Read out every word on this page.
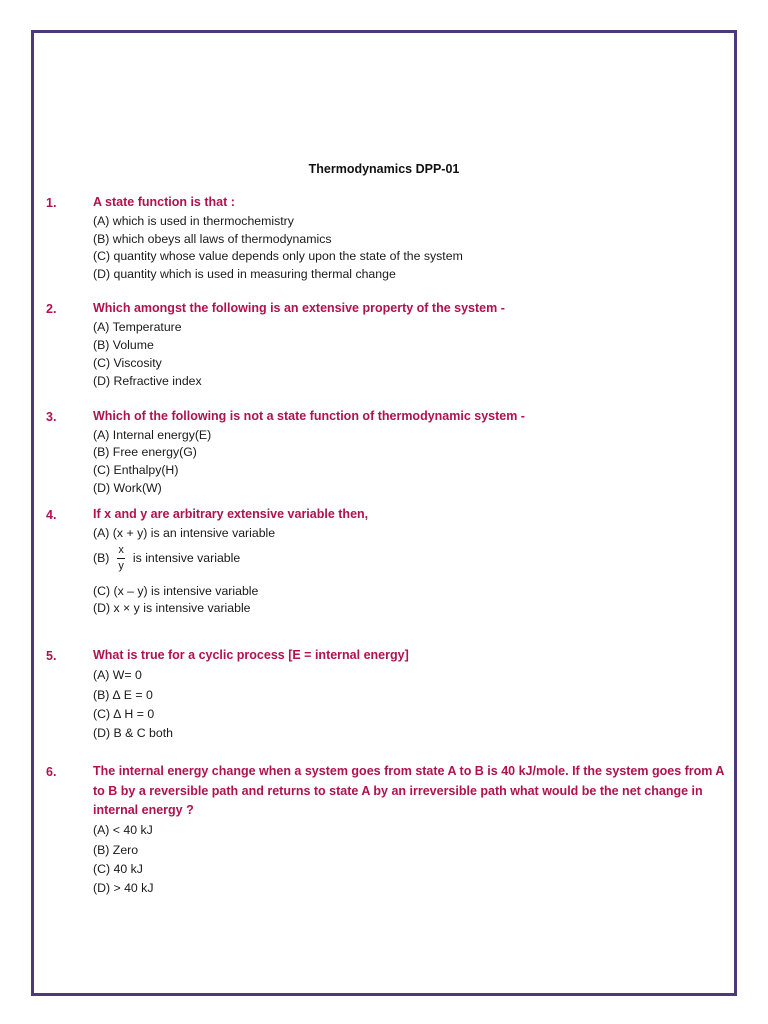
Thermodynamics DPP-01
1.	A state function is that :
(A) which is used in thermochemistry
(B) which obeys all laws of thermodynamics
(C) quantity whose value depends only upon the state of the system
(D) quantity which is used in measuring thermal change
2.	Which amongst the following is an extensive property of the system -
(A) Temperature
(B) Volume
(C) Viscosity
(D) Refractive index
3.	Which of the following is not a state function of thermodynamic system -
(A) Internal energy(E)
(B) Free energy(G)
(C) Enthalpy(H)
(D) Work(W)
4.	If x and y are arbitrary extensive variable then,
(A) (x + y) is an intensive variable
$(B) \frac{x}{y}$ is intensive variable
(C) (x – y) is intensive variable
(D) x × y is intensive variable
5.	What is true for a cyclic process [E = internal energy]
(A) W= 0
(B) ∆ E = 0
(C) ∆ H = 0
(D) B & C both
6.	The internal energy change when a system goes from state A to B is 40 kJ/mole. If the system goes from A to B by a reversible path and returns to state A by an irreversible path what would be the net change in internal energy ?
(A) < 40 kJ
(B) Zero
(C) 40 kJ
(D) > 40 kJ
